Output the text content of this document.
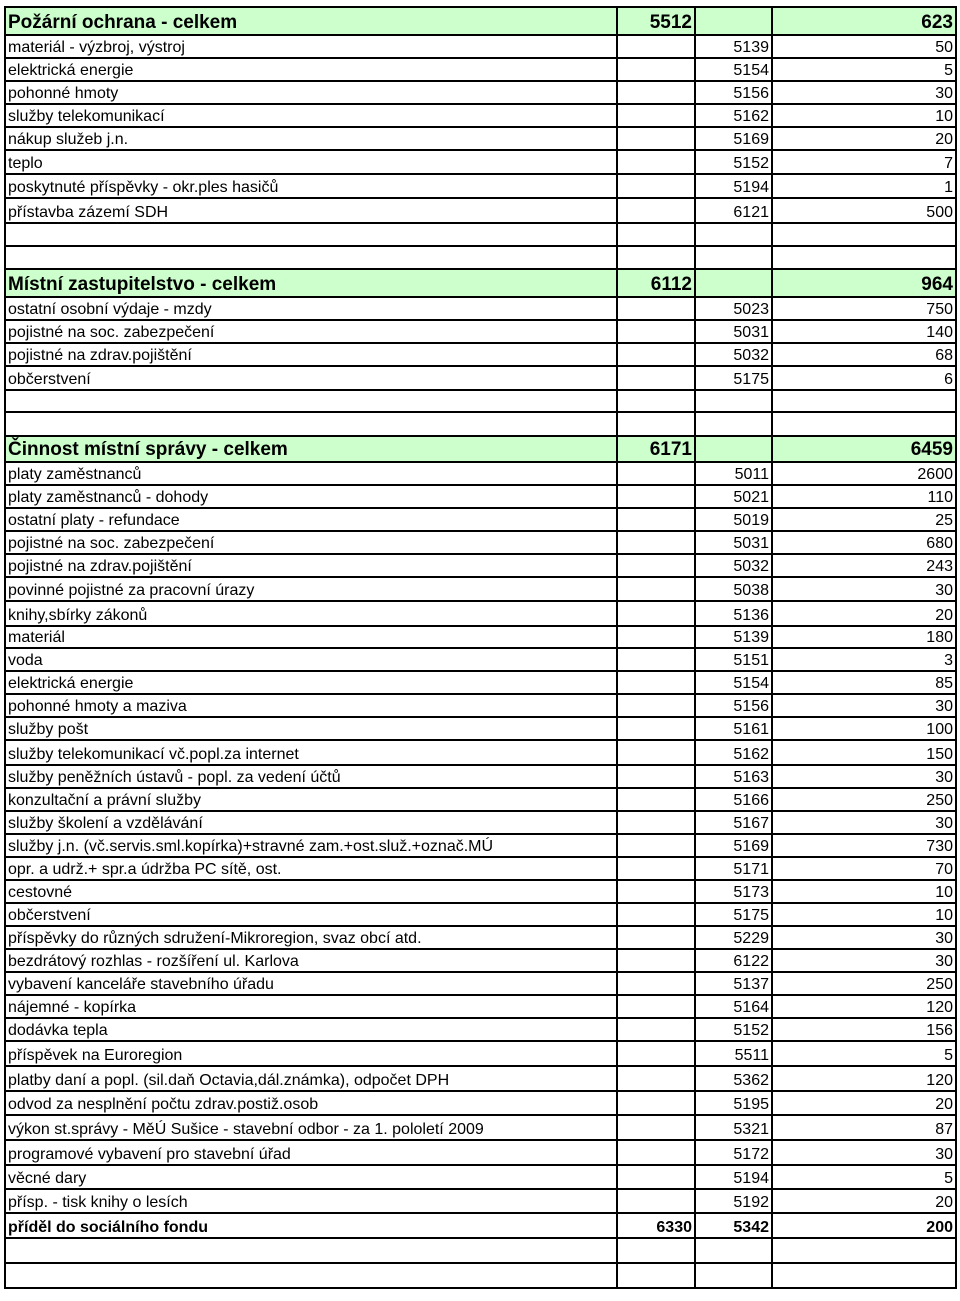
Požární ochrana - celkem	5512		623
materiál - výzbroj, výstroj		5139	50
elektrická energie		5154	5
pohonné hmoty		5156	30
služby telekomunikací		5162	10
nákup služeb j.n.		5169	20
teplo		5152	7
poskytnuté příspěvky - okr.ples hasičů		5194	1
přístavba zázemí SDH		6121	500

Místní zastupitelstvo - celkem	6112		964
ostatní osobní výdaje - mzdy		5023	750
pojistné na soc. zabezpečení		5031	140
pojistné na zdrav.pojištění		5032	68
občerstvení		5175	6

Činnost místní správy - celkem	6171		6459
platy zaměstnanců		5011	2600
platy zaměstnanců - dohody		5021	110
ostatní platy - refundace		5019	25
pojistné na soc. zabezpečení		5031	680
pojistné na zdrav.pojištění		5032	243
povinné pojistné za pracovní úrazy		5038	30
knihy,sbírky zákonů		5136	20
materiál		5139	180
voda		5151	3
elektrická energie		5154	85
pohonné hmoty a maziva		5156	30
služby pošt		5161	100
služby telekomunikací vč.popl.za internet		5162	150
služby peněžních ústavů - popl. za vedení účtů		5163	30
konzultační a právní služby		5166	250
služby školení a vzdělávání		5167	30
služby j.n. (vč.servis.sml.kopírka)+stravné zam.+ost.služ.+označ.MÚ		5169	730
opr. a udrž.+ spr.a údržba PC sítě, ost.		5171	70
cestovné		5173	10
občerstvení		5175	10
příspěvky do různých sdružení-Mikroregion, svaz obcí atd.		5229	30
bezdrátový rozhlas - rozšíření ul. Karlova		6122	30
vybavení kanceláře stavebního úřadu		5137	250
nájemné - kopírka		5164	120
dodávka tepla		5152	156
příspěvek na Euroregion		5511	5
platby daní a popl. (sil.daň Octavia,dál.známka), odpočet DPH		5362	120
odvod za nesplnění počtu zdrav.postiž.osob		5195	20
výkon st.správy - MěÚ Sušice - stavební odbor - za 1. pololetí 2009		5321	87
programové vybavení pro stavební úřad		5172	30
věcné dary		5194	5
přísp. - tisk knihy o lesích		5192	20
příděl do sociálního fondu	6330	5342	200
